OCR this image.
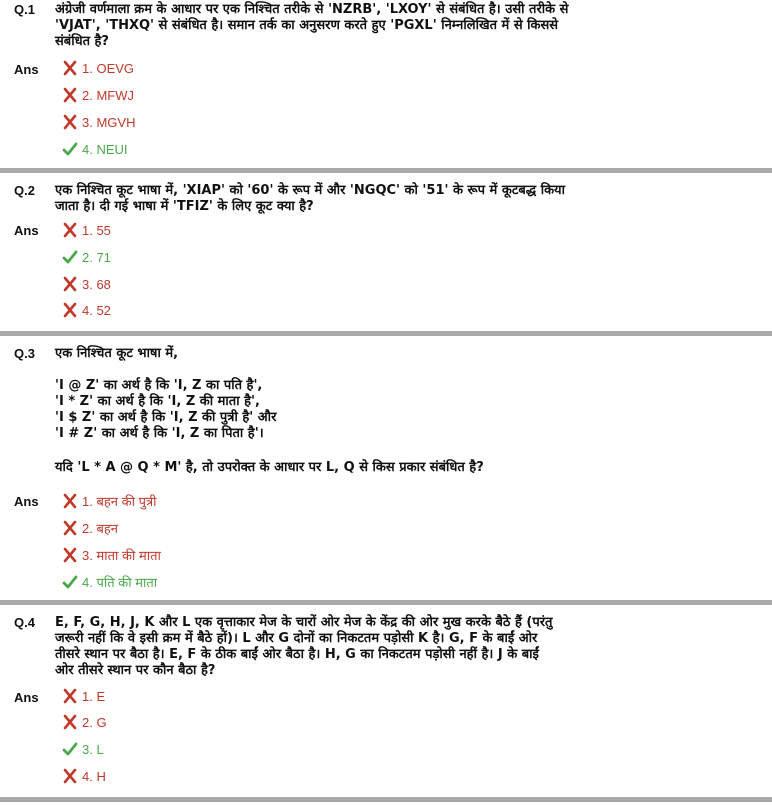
Q.1 अंग्रेजी वर्णमाला क्रम के आधार पर एक निश्चित तरीके से 'NZRB', 'LXOY' से संबंधित है। उसी तरीके से

'VJAT', 'THXQ' से संबंधित है। समान तर्क का अनुसरण करते हुए 'PGXL' निम्नलिखित में से किससे

संबंधित है?

Ans	1. OEVG
2. MFWJ
3. MGVH
4. NEUI
Q.2 एक निश्चित कूट भाषा में, 'XIAP' को '60' के रूप में और 'NGQC' को '51' के रूप में कूटबद्ध किया

जाता है। दी गई भाषा में 'TFIZ' के लिए कूट क्या है?

Ans	1. 55
2. 71
3. 68
4. 52
Q.3 एक निश्चित कूट भाषा में,

'I @ Z' का अर्थ है कि 'I, Z का पति है',

'I * Z' का अर्थ है कि 'I, Z की माता है',

'I $ Z' का अर्थ है कि 'I, Z की पुत्री है' और

'I # Z' का अर्थ है कि 'I, Z का पिता है'।

यदि 'L * A @ Q * M' है, तो उपरोक्त के आधार पर L, Q से किस प्रकार संबंधित है?

Ans	1. बहन की पुत्री
2. बहन
3. माता की माता
4. पति की माता
Q.4 E, F, G, H, J, K और L एक वृत्ताकार मेज के चारों ओर मेज के केंद्र की ओर मुख करके बैठे हैं (परंतु

जरूरी नहीं कि वे इसी क्रम में बैठे हों)। L और G दोनों का निकटतम पड़ोसी K है। G, F के बाईं ओर

तीसरे स्थान पर बैठा है। E, F के ठीक बाईं ओर बैठा है। H, G का निकटतम पड़ोसी नहीं है। J के बाईं

ओर तीसरे स्थान पर कौन बैठा है?

Ans	1. E
2. G
3. L
4. H
